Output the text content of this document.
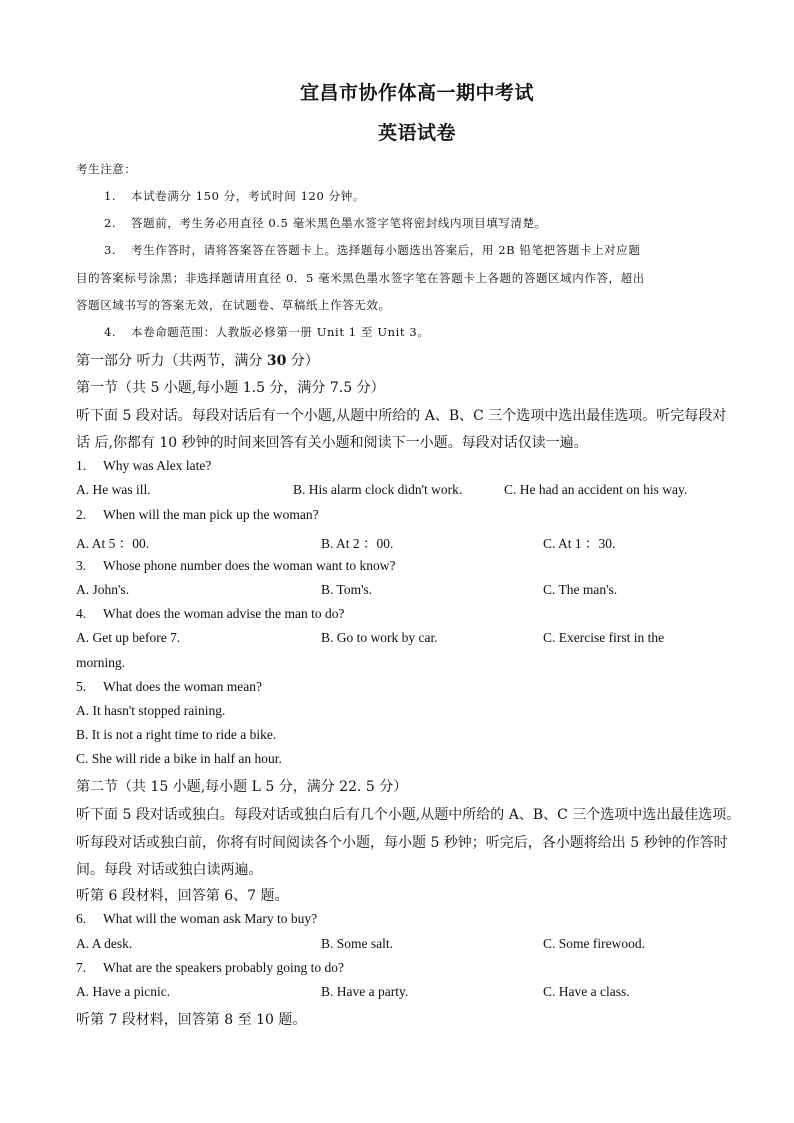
宜昌市协作体高一期中考试
英语试卷
考生注意：
1. 本试卷满分 150 分，考试时间 120 分钟。
2. 答题前，考生务必用直径 0.5 毫米黑色墨水签字笔将密封线内项目填写清楚。
3. 考生作答时，请将答案答在答题卡上。选择题每小题选出答案后，用 2B 铅笔把答题卡上对应题
目的答案标号涂黑；非选择题请用直径 0．5 毫米黑色墨水签字笔在答题卡上各题的答题区域内作答，超出
答题区域书写的答案无效，在试题卷、草稿纸上作答无效。
4. 本卷命题范围：人教版必修第一册 Unit 1 至 Unit 3。
第一部分 听力（共两节，满分 30 分）
第一节（共 5 小题,每小题 1.5 分，满分 7.5 分）
听下面 5 段对话。每段对话后有一个小题,从题中所给的 A、B、C 三个选项中选出最佳选项。听完每段对
话 后,你都有 10 秒钟的时间来回答有关小题和阅读下一小题。每段对话仅读一遍。
1. Why was Alex late?
A. He was ill.	B. His alarm clock didn't work.	C. He had an accident on his way.
2. When will the man pick up the woman?
A. At 5 ：00.	B. At 2 ：00.	C. At 1 ：30.
3. Whose phone number does the woman want to know?
A. John's.	B. Tom's.	C. The man's.
4. What does the woman advise the man to do?
A. Get up before 7.	B. Go to work by car.	C. Exercise first in the
morning.
5. What does the woman mean?
A. It hasn't stopped raining.
B. It is not a right time to ride a bike.
C. She will ride a bike in half an hour.
第二节（共 15 小题,每小题 L 5 分，满分 22. 5 分）
听下面 5 段对话或独白。每段对话或独白后有几个小题,从题中所给的 A、B、C 三个选项中选出最佳选项。
听每段对话或独白前，你将有时间阅读各个小题，每小题 5 秒钟；听完后，各小题将给出 5 秒钟的作答时
间。每段 对话或独白读两遍。
听第 6 段材料，回答第 6、7 题。
6. What will the woman ask Mary to buy?
A. A desk.	B. Some salt.	C. Some firewood.
7. What are the speakers probably going to do?
A. Have a picnic.	B. Have a party.	C. Have a class.
听第 7 段材料，回答第 8 至 10 题。
